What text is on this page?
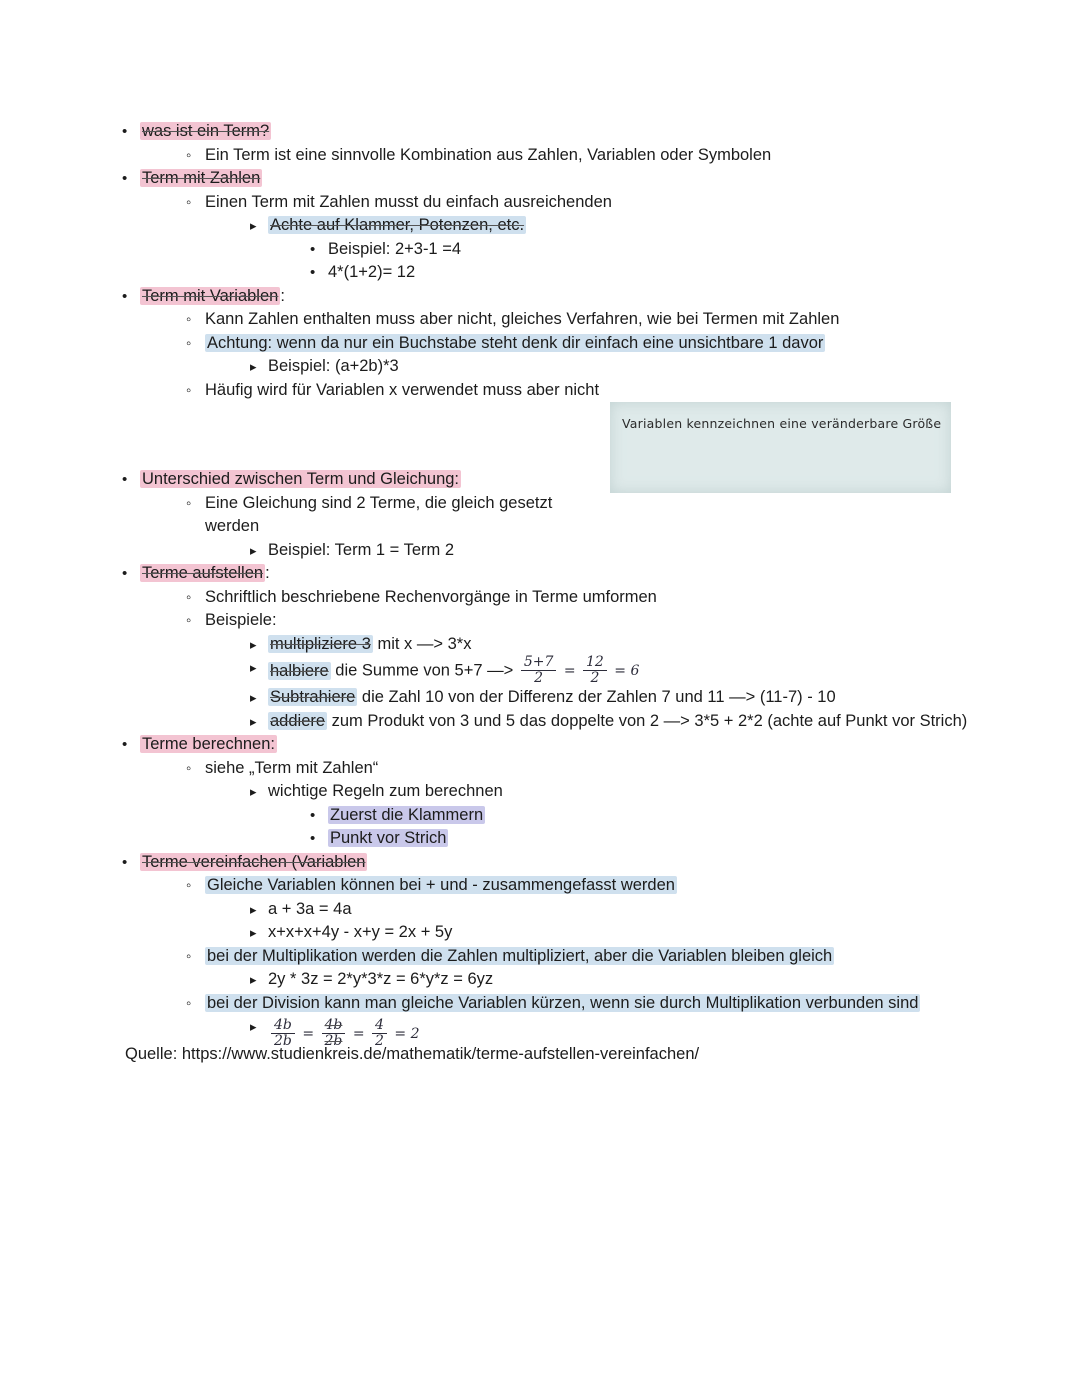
Variablen kennzeichnen eine veränderbare Größe
• was ist ein Term?
◦ Ein Term ist eine sinnvolle Kombination aus Zahlen, Variablen oder Symbolen
• Term mit Zahlen
◦ Einen Term mit Zahlen musst du einfach ausreichenden
▸ Achte auf Klammer, Potenzen, etc.
• Beispiel: 2+3-1 =4
• 4*(1+2)= 12
• Term mit Variablen :
◦ Kann Zahlen enthalten muss aber nicht, gleiches Verfahren, wie bei Termen mit Zahlen
◦ Achtung: wenn da nur ein Buchstabe steht denk dir einfach eine unsichtbare 1 davor
▸ Beispiel: (a+2b)*3
◦ Häufig wird für Variablen x verwendet muss aber nicht
• Unterschied zwischen Term und Gleichung:
◦ Eine Gleichung sind 2 Terme, die gleich gesetzt werden
▸ Beispiel: Term 1 = Term 2
• Terme aufstellen :
◦ Schriftlich beschriebene Rechenvorgänge in Terme umformen
◦ Beispiele:
▸ multipliziere 3 mit x —> 3*x
▸ halbiere die Summe von 5+7 —> $\frac{5+7}{2} = \frac{12}{2} = 6$
▸ Subtrahiere die Zahl 10 von der Differenz der Zahlen 7 und 11 —> (11-7) - 10
▸ addiere zum Produkt von 3 und 5 das doppelte von 2 —> 3*5 + 2*2 (achte auf Punkt vor Strich)
• Terme berechnen:
◦ siehe „Term mit Zahlen“
▸ wichtige Regeln zum berechnen
• Zuerst die Klammern
• Punkt vor Strich
• Terme vereinfachen (Variablen
◦ Gleiche Variablen können bei + und - zusammengefasst werden
▸ a + 3a = 4a
▸ x+x+x+4y - x+y = 2x + 5y
◦ bei der Multiplikation werden die Zahlen multipliziert, aber die Variablen bleiben gleich
▸ 2y * 3z = 2*y*3*z = 6*y*z = 6yz
◦ bei der Division kann man gleiche Variablen kürzen, wenn sie durch Multiplikation verbunden sind
▸ $\frac{4b}{2b} = \frac{4b}{2b} = \frac{4}{2} = 2$
Quelle: https://www.studienkreis.de/mathematik/terme-aufstellen-vereinfachen/
